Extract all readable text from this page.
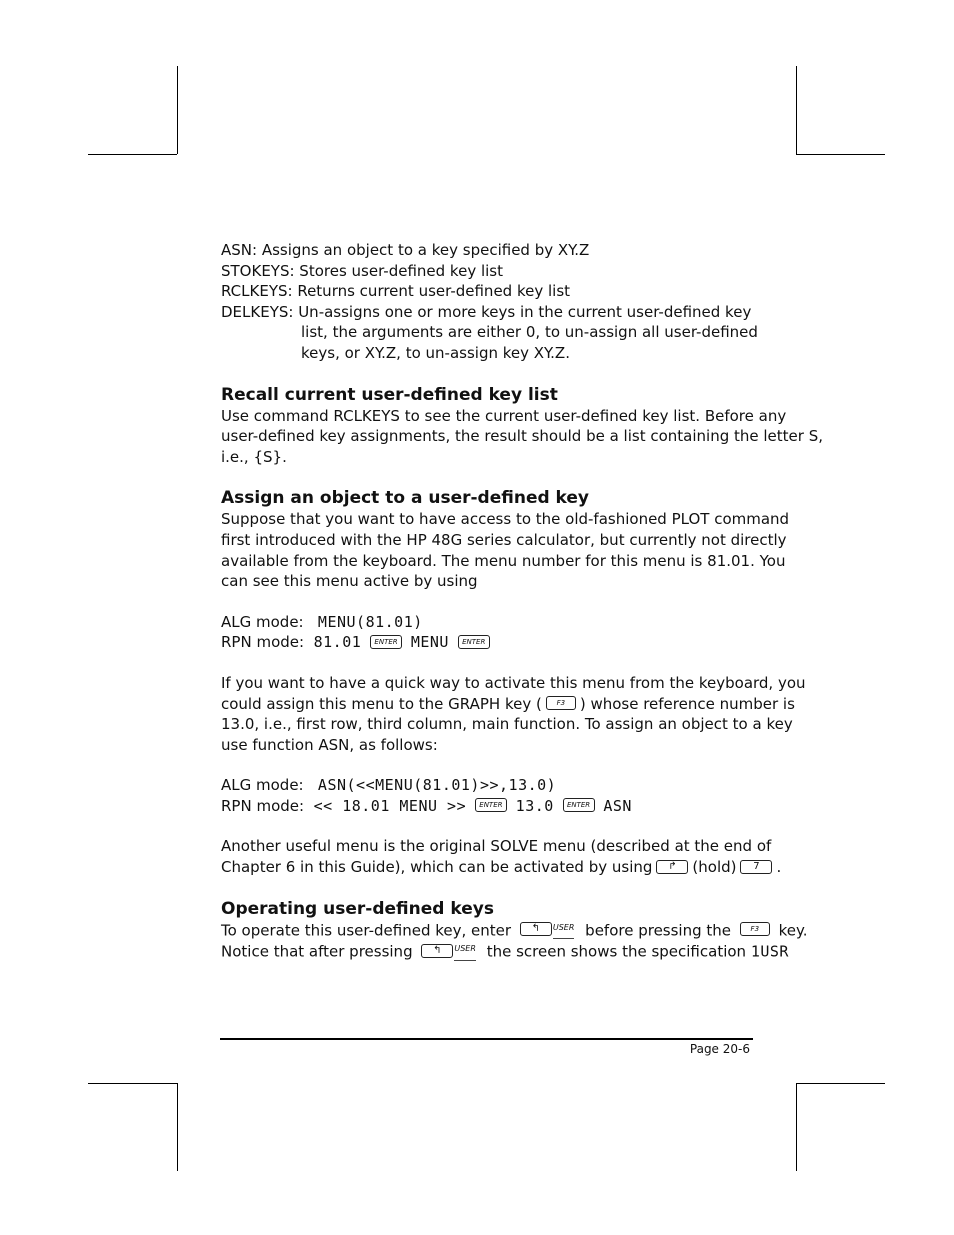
ASN: Assigns an object to a key specified by XY.Z
STOKEYS: Stores user-defined key list
RCLKEYS: Returns current user-defined key list
DELKEYS: Un-assigns one or more keys in the current user-defined key
list, the arguments are either 0, to un-assign all user-defined
keys, or XY.Z, to un-assign key XY.Z.
Recall current user-defined key list
Use command RCLKEYS to see the current user-defined key list. Before any
user-defined key assignments, the result should be a list containing the letter S,
i.e., {S}.
Assign an object to a user-defined key
Suppose that you want to have access to the old-fashioned PLOT command
first introduced with the HP 48G series calculator, but currently not directly
available from the keyboard. The menu number for this menu is 81.01. You
can see this menu active by using
ALG mode: MENU(81.01)
RPN mode: 81.01 ENTER MENU ENTER
If you want to have a quick way to activate this menu from the keyboard, you
could assign this menu to the GRAPH key ( F3 ) whose reference number is
13.0, i.e., first row, third column, main function. To assign an object to a key
use function ASN, as follows:
ALG mode: ASN(<<MENU(81.01)>>,13.0)
RPN mode: << 18.01 MENU >> ENTER 13.0 ENTER ASN
Another useful menu is the original SOLVE menu (described at the end of
Chapter 6 in this Guide), which can be activated by using ↱ (hold) 7 .
Operating user-defined keys
To operate this user-defined key, enter ↰ USER before pressing the	F3 key.
Notice that after pressing ↰ USER the screen shows the specification 1USR
Page 20-6
